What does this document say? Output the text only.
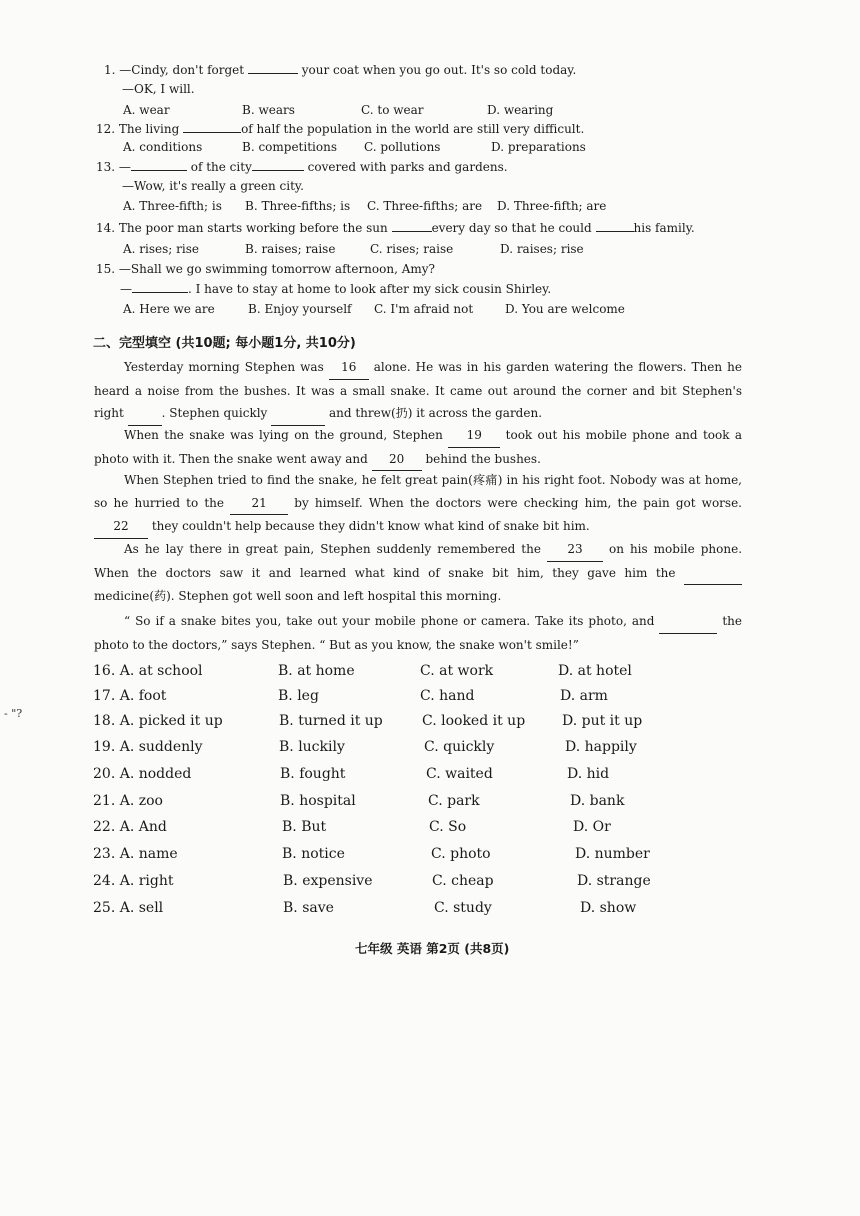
1. —Cindy, don't forget	your coat when you go out. It's so cold today.
—OK, I will.
A. wear	B. wears	C. to wear	D. wearing
12. The living	of half the population in the world are still very difficult.
A. conditions	B. competitions C. pollutions	D. preparations
13. —	of the city	covered with parks and gardens.
—Wow, it's really a green city.
A. Three-fifth; is B. Three-fifths; is C. Three-fifths; are D. Three-fifth; are
14. The poor man starts working before the sun	every day so that he could	his family.
A. rises; rise	B. raises; raise	C. rises; raise	D. raises; rise
15. —Shall we go swimming tomorrow afternoon, Amy?
—	. I have to stay at home to look after my sick cousin Shirley.
A. Here we are	B. Enjoy yourself C. I'm afraid not	D. You are welcome
二、完型填空 (共10题; 每小题1分, 共10分)
Yesterday morning Stephen was 16 alone. He was in his garden watering the flowers. Then he heard a noise from the bushes. It was a small snake. It came out around the corner and bit Stephen's right	. Stephen quickly	and threw(扔) it across the garden.
When the snake was lying on the ground, Stephen 19 took out his mobile phone and took a photo with it. Then the snake went away and 20 behind the bushes.
When Stephen tried to find the snake, he felt great pain(疼痛) in his right foot. Nobody was at home, so he hurried to the 21 by himself. When the doctors were checking him, the pain got worse. 22 they couldn't help because they didn't know what kind of snake bit him.
As he lay there in great pain, Stephen suddenly remembered the 23 on his mobile phone. When the doctors saw it and learned what kind of snake bit him, they gave him the   medicine(药). Stephen got well soon and left hospital this morning.
“ So if a snake bites you, take out your mobile phone or camera. Take its photo, and	the photo to the doctors,” says Stephen. “ But as you know, the snake won't smile!”
16. A. at school	B. at home	C. at work	D. at hotel
17. A. foot	B. leg	C. hand	D. arm
18. A. picked it up	B. turned it up	C. looked it up	D. put it up
19. A. suddenly	B. luckily	C. quickly	D. happily
20. A. nodded	B. fought	C. waited	D. hid
21. A. zoo	B. hospital	C. park	D. bank
22. A. And	B. But	C. So	D. Or
23. A. name	B. notice	C. photo	D. number
24. A. right	B. expensive	C. cheap	D. strange
25. A. sell	B. save	C. study	D. show
- "?
七年级 英语 第2页 (共8页)
